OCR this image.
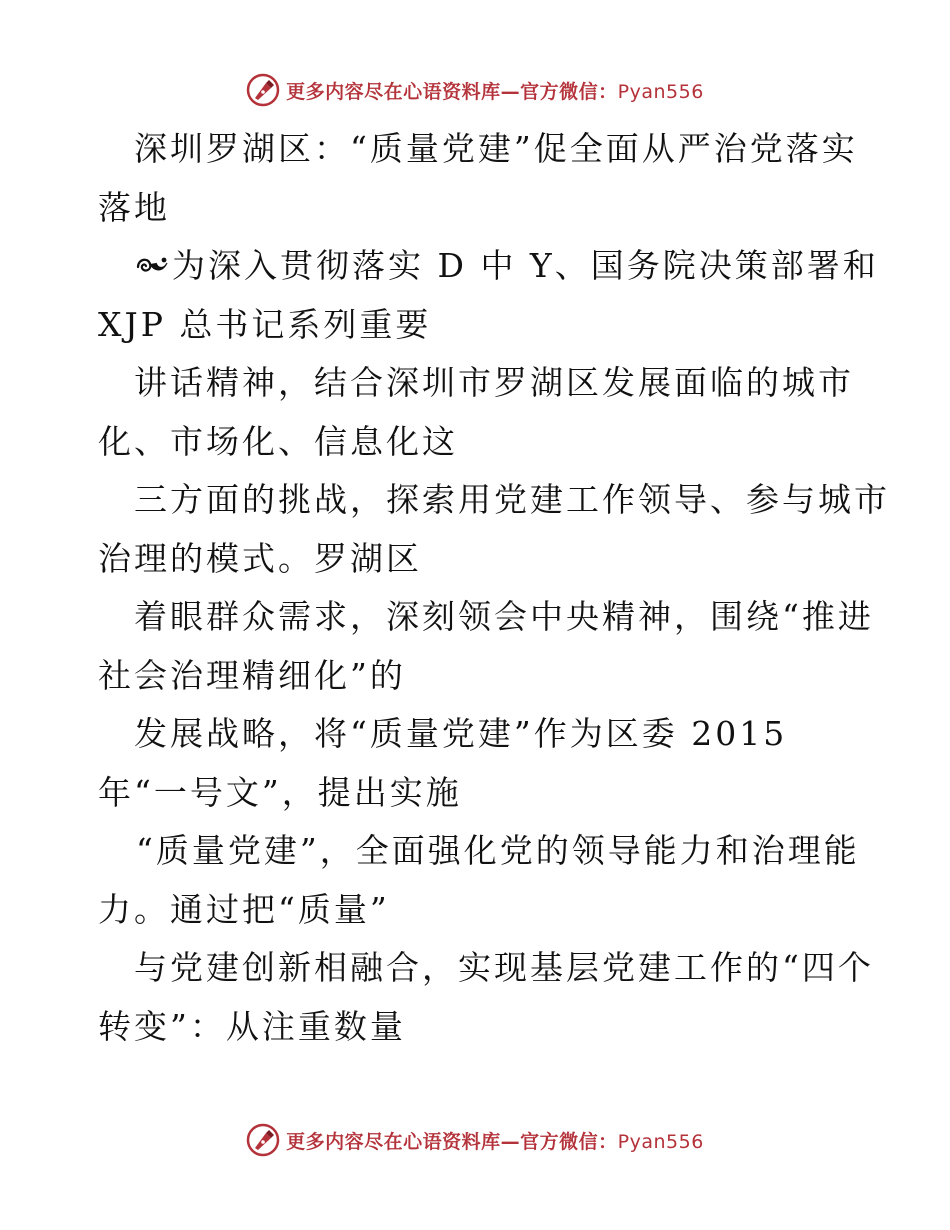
更多内容尽在心语资料库—官方微信：Pyan556
深圳罗湖区：“质量党建”促全面从严治党落实
落地
为深入贯彻落实 D 中 Y、国务院决策部署和
XJP 总书记系列重要
讲话精神，结合深圳市罗湖区发展面临的城市
化、市场化、信息化这
三方面的挑战，探索用党建工作领导、参与城市
治理的模式。罗湖区
着眼群众需求，深刻领会中央精神，围绕“推进
社会治理精细化”的
发展战略，将“质量党建”作为区委 2015
年“一号文”，提出实施
“质量党建”，全面强化党的领导能力和治理能
力。通过把“质量”
与党建创新相融合，实现基层党建工作的“四个
转变”：从注重数量
更多内容尽在心语资料库—官方微信：Pyan556
